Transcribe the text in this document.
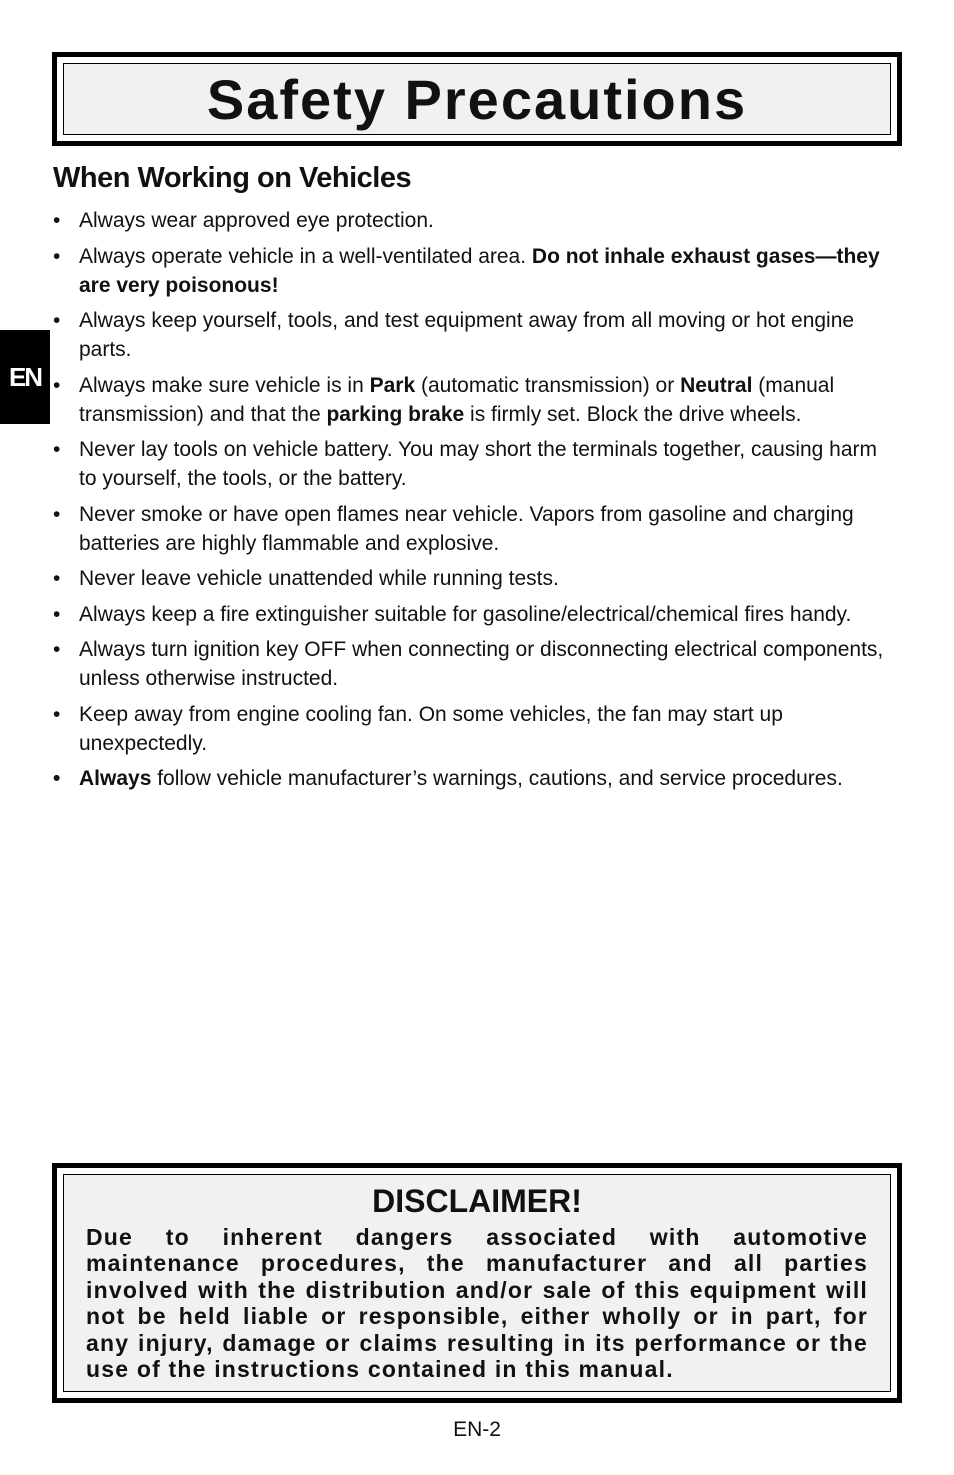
Safety Precautions
EN
When Working on Vehicles
• Always wear approved eye protection.
• Always operate vehicle in a well-ventilated area. Do not inhale exhaust gases—they are very poisonous!
• Always keep yourself, tools, and test equipment away from all moving or hot engine parts.
• Always make sure vehicle is in Park (automatic transmission) or Neutral (manual transmission) and that the parking brake is firmly set. Block the drive wheels.
• Never lay tools on vehicle battery. You may short the terminals together, causing harm to yourself, the tools, or the battery.
• Never smoke or have open flames near vehicle. Vapors from gasoline and charging batteries are highly flammable and explosive.
• Never leave vehicle unattended while running tests.
• Always keep a fire extinguisher suitable for gasoline/electrical/chemical fires handy.
• Always turn ignition key OFF when connecting or disconnecting electrical components, unless otherwise instructed.
• Keep away from engine cooling fan. On some vehicles, the fan may start up unexpectedly.
• Always follow vehicle manufacturer’s warnings, cautions, and service procedures.
DISCLAIMER!

Due to inherent dangers associated with automotive maintenance procedures, the manufacturer and all parties involved with the distribution and/or sale of this equipment will not be held liable or responsible, either wholly or in part, for any injury, damage or claims resulting in its performance or the use of the instructions contained in this manual.

EN-2
